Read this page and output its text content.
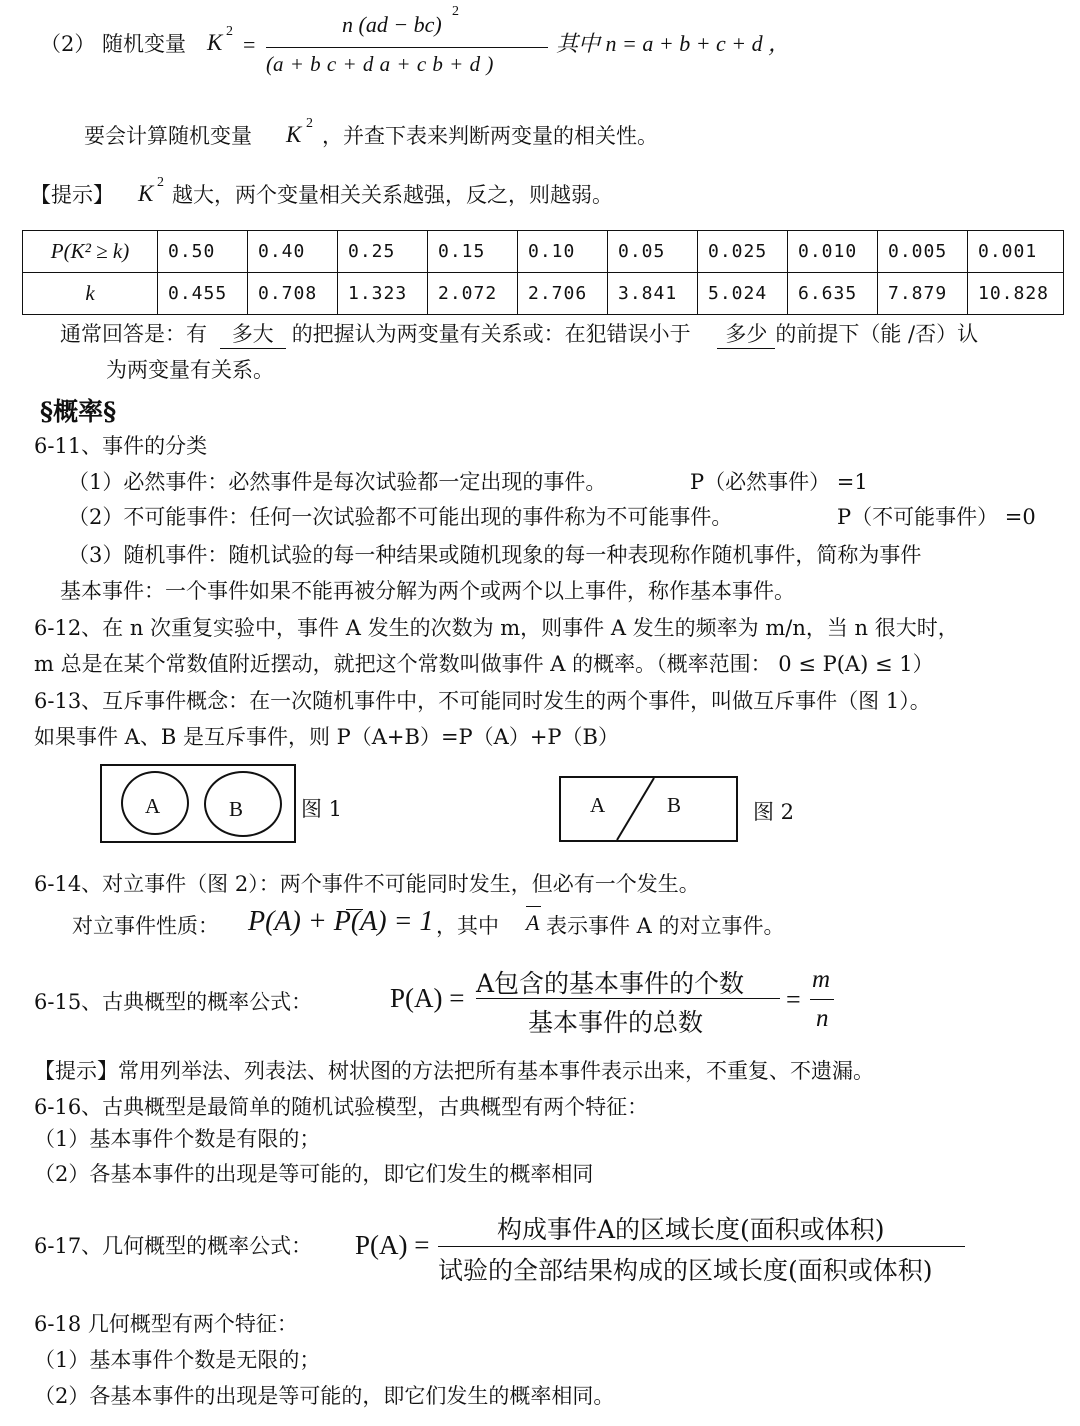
（2） 随机变量 K 2
=
n (ad − bc)
2
(a + b c + d a + c b + d )
其中 n = a + b + c + d ，
要会计算随机变量 K 2
，并查下表来判断两变量的相关性。
【提示】 K 2
越大，两个变量相关关系越强，反之，则越弱。
P(K² ≥ k)	0.50	0.40	0.25	0.15	0.10	0.05	0.025	0.010	0.005	0.001
k	0.455	0.708	1.323	2.072	2.706	3.841	5.024	6.635	7.879	10.828
通常回答是：有 多大 的把握认为两变量有关系或：在犯错误小于 多少 的前提下（能 /否）认
为两变量有关系。
§概率§
6-11、事件的分类
（1）必然事件：必然事件是每次试验都一定出现的事件。	P（必然事件） =1
（2）不可能事件：任何一次试验都不可能出现的事件称为不可能事件。	P（不可能事件） =0
（3）随机事件：随机试验的每一种结果或随机现象的每一种表现称作随机事件，简称为事件
基本事件：一个事件如果不能再被分解为两个或两个以上事件，称作基本事件。
6-12、在 n 次重复实验中，事件 A 发生的次数为 m，则事件 A 发生的频率为 m/n，当 n 很大时，
m 总是在某个常数值附近摆动，就把这个常数叫做事件 A 的概率。（概率范围： 0 ≤ P(A) ≤ 1）
6-13、互斥事件概念：在一次随机事件中，不可能同时发生的两个事件，叫做互斥事件（图 1）。
如果事件 A、B 是互斥事件，则 P（A+B）=P（A）+P（B）
A	B	图 1	A	B	图 2
6-14、对立事件（图 2）：两个事件不可能同时发生，但必有一个发生。
对立事件性质： P(A) + P(A) = 1 ，其中 A 表示事件 A 的对立事件。
6-15、古典概型的概率公式：	P(A) = A包含的基本事件的个数
基本事件的总数
=
m
n
【提示】常用列举法、列表法、树状图的方法把所有基本事件表示出来，不重复、不遗漏。
6-16、古典概型是最简单的随机试验模型，古典概型有两个特征：
（1）基本事件个数是有限的；
（2）各基本事件的出现是等可能的，即它们发生的概率相同
6-17、几何概型的概率公式： P(A) =
构成事件A的区域长度(面积或体积)
试验的全部结果构成的区域长度(面积或体积)
6-18 几何概型有两个特征：
（1）基本事件个数是无限的；
（2）各基本事件的出现是等可能的，即它们发生的概率相同。
